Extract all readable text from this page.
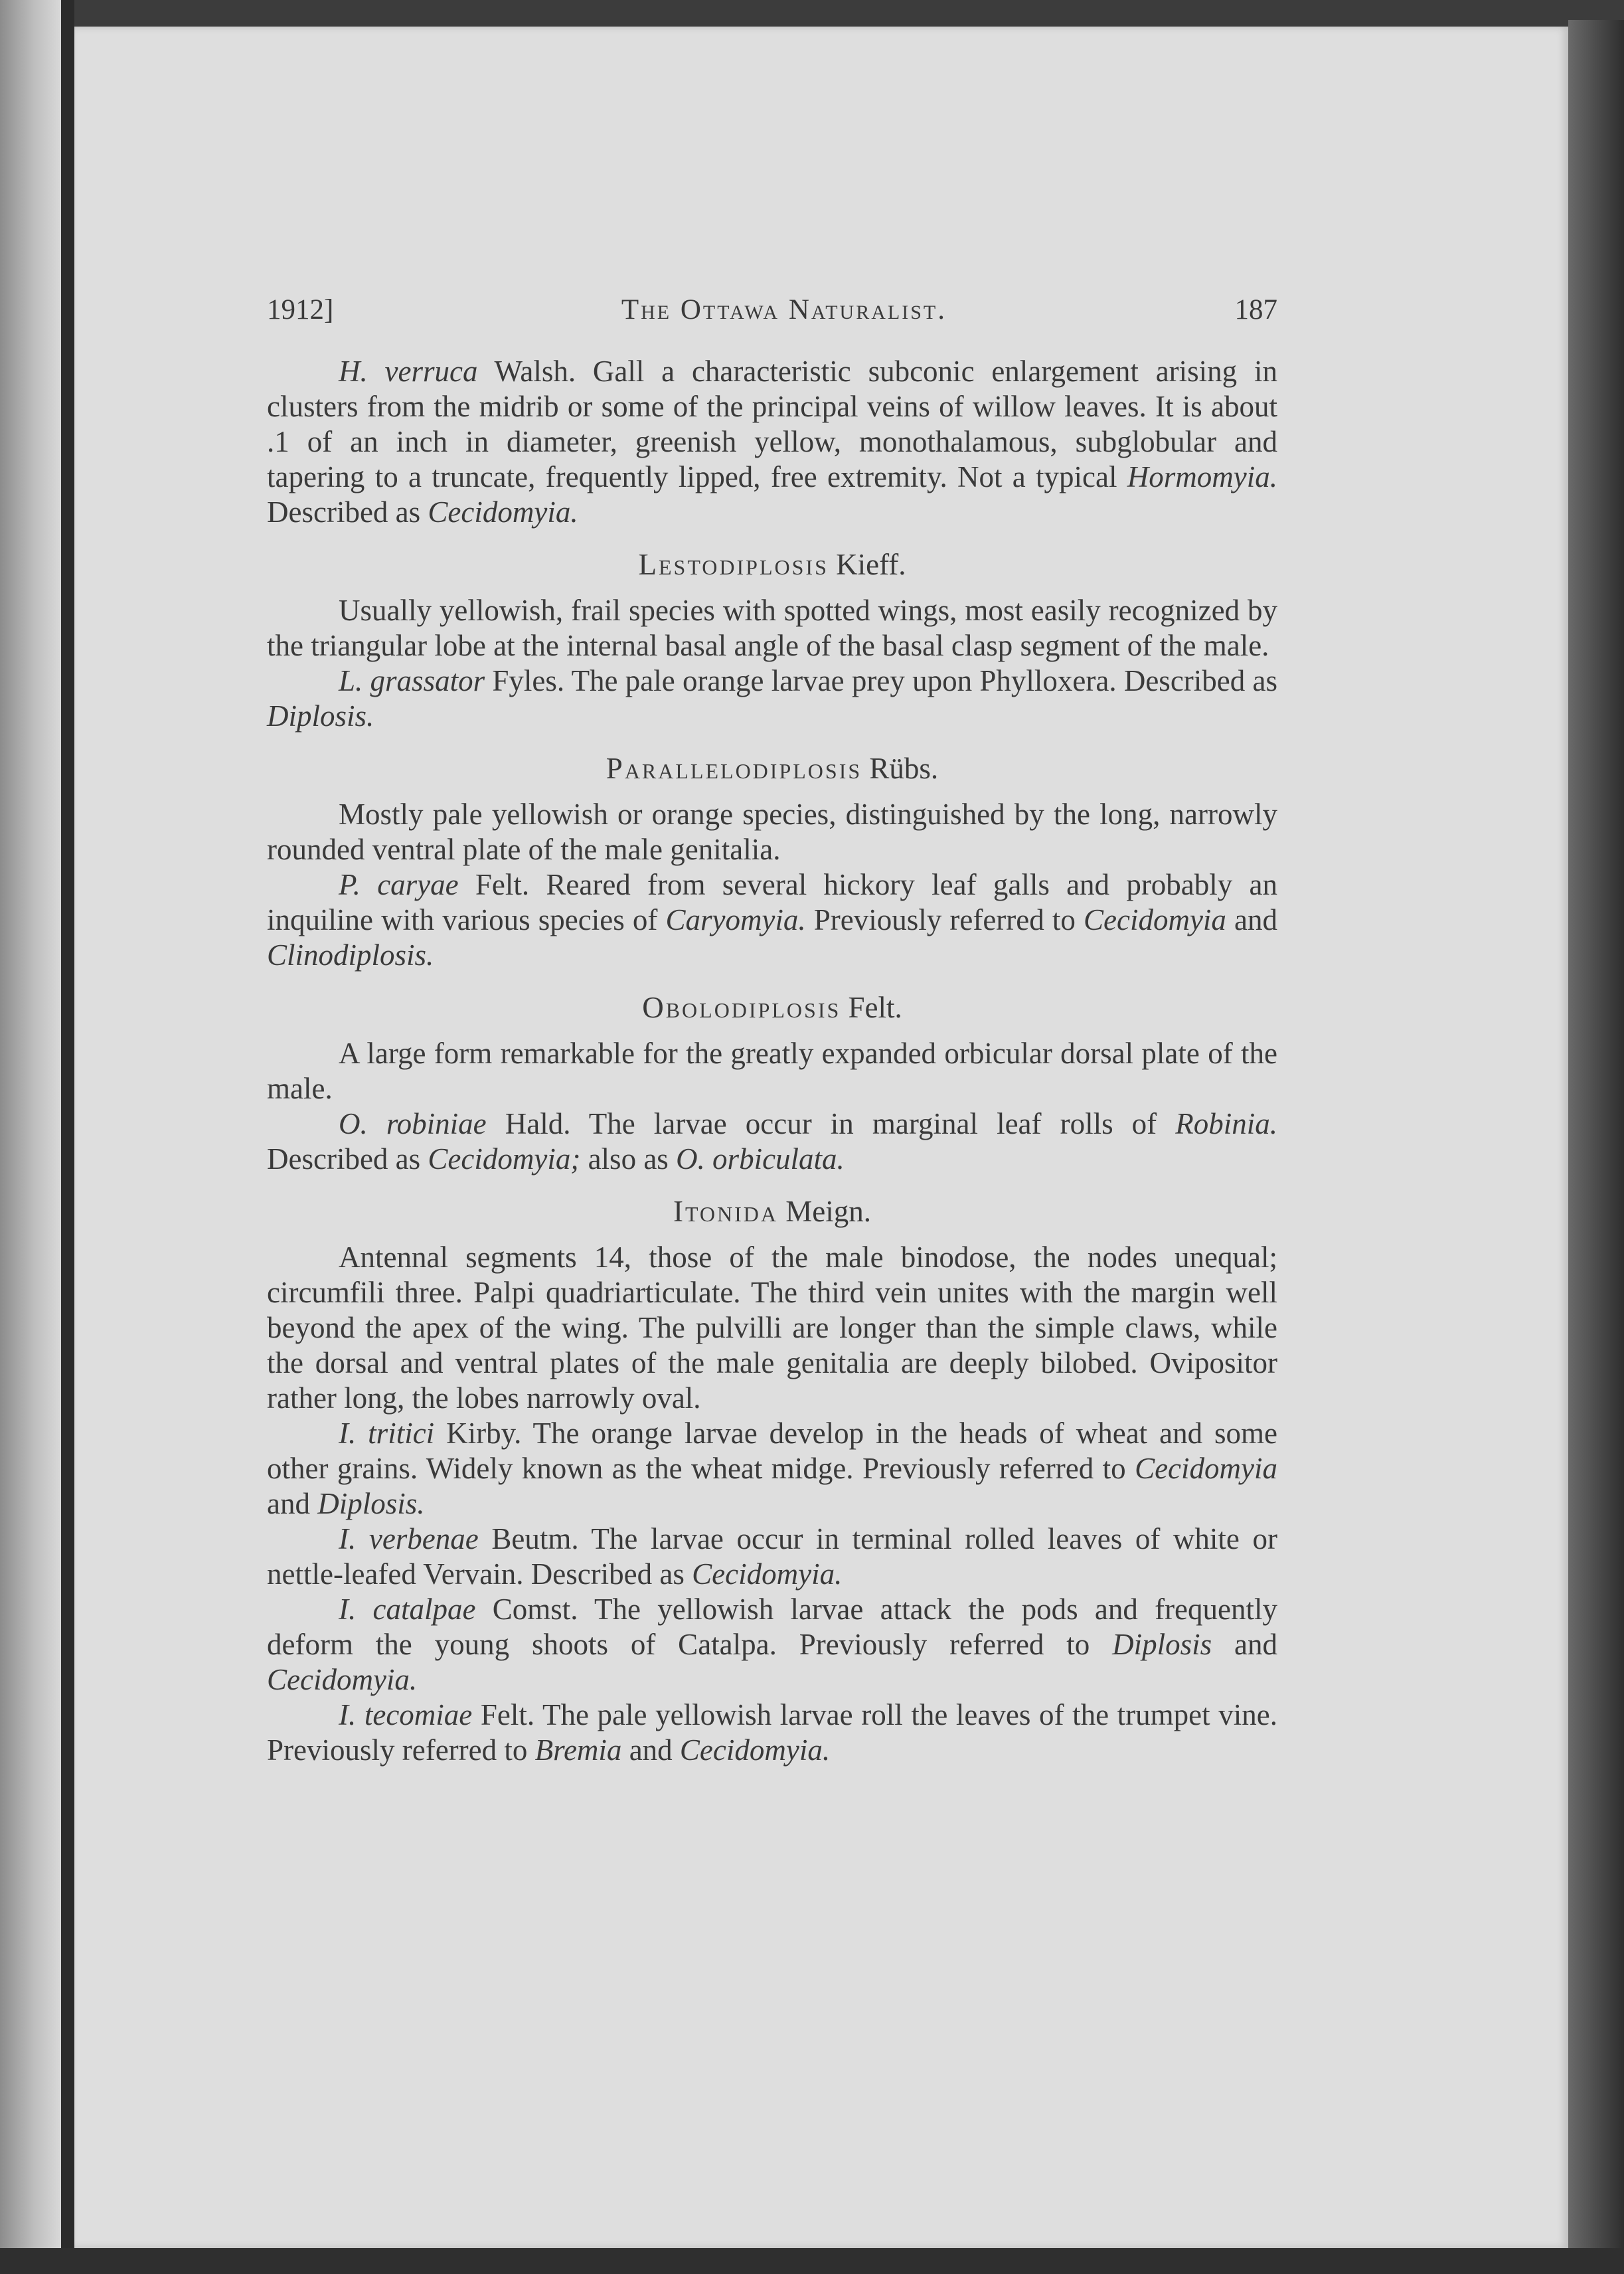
1912]	The Ottawa Naturalist.	187

H. verruca Walsh. Gall a characteristic subconic enlargement arising in clusters from the midrib or some of the principal veins of willow leaves. It is about .1 of an inch in diameter, greenish yellow, monothalamous, subglobular and tapering to a truncate, frequently lipped, free extremity. Not a typical Hormomyia. Described as Cecidomyia.

Lestodiplosis Kieff.

Usually yellowish, frail species with spotted wings, most easily recognized by the triangular lobe at the internal basal angle of the basal clasp segment of the male.

L. grassator Fyles. The pale orange larvae prey upon Phylloxera. Described as Diplosis.

Parallelodiplosis Rübs.

Mostly pale yellowish or orange species, distinguished by the long, narrowly rounded ventral plate of the male genitalia.

P. caryae Felt. Reared from several hickory leaf galls and probably an inquiline with various species of Caryomyia. Previously referred to Cecidomyia and Clinodiplosis.

Obolodiplosis Felt.

A large form remarkable for the greatly expanded orbicular dorsal plate of the male.

O. robiniae Hald. The larvae occur in marginal leaf rolls of Robinia. Described as Cecidomyia; also as O. orbiculata.

Itonida Meign.

Antennal segments 14, those of the male binodose, the nodes unequal; circumfili three. Palpi quadriarticulate. The third vein unites with the margin well beyond the apex of the wing. The pulvilli are longer than the simple claws, while the dorsal and ventral plates of the male genitalia are deeply bilobed. Ovipositor rather long, the lobes narrowly oval.

I. tritici Kirby. The orange larvae develop in the heads of wheat and some other grains. Widely known as the wheat midge. Previously referred to Cecidomyia and Diplosis.

I. verbenae Beutm. The larvae occur in terminal rolled leaves of white or nettle-leafed Vervain. Described as Cecidomyia.

I. catalpae Comst. The yellowish larvae attack the pods and frequently deform the young shoots of Catalpa. Previously referred to Diplosis and Cecidomyia.

I. tecomiae Felt. The pale yellowish larvae roll the leaves of the trumpet vine. Previously referred to Bremia and Cecidomyia.
